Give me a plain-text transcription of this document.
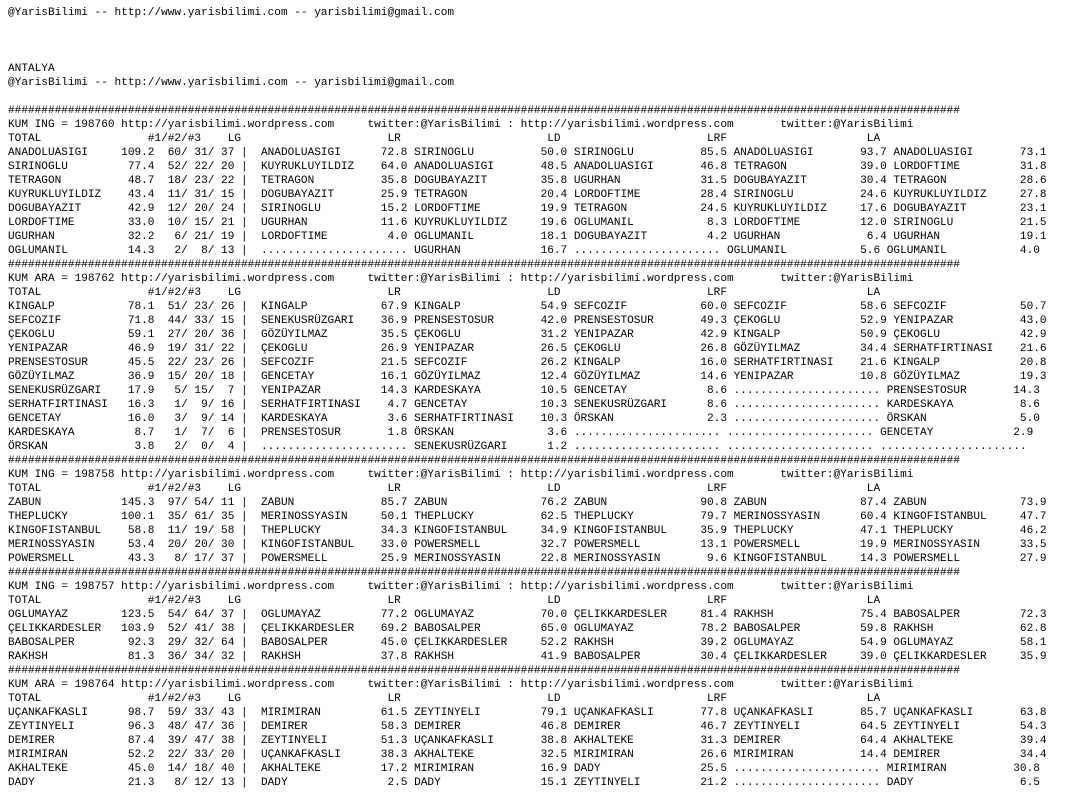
@YarisBilimi -- http://www.yarisbilimi.com -- yarisbilimi@gmail.com

ANTALYA
@YarisBilimi -- http://www.yarisbilimi.com -- yarisbilimi@gmail.com

###############################################################################################################################################
KUM ING = 198760 http://yarisbilimi.wordpress.com     twitter:@YarisBilimi : http://yarisbilimi.wordpress.com       twitter:@YarisBilimi
TOTAL                #1/#2/#3    LG                      LR                      LD                      LRF                     LA
ANADOLUASIGI     109.2  60/ 31/ 37 |  ANADOLUASIGI      72.8 SIRINOGLU          50.0 SIRINOGLU          85.5 ANADOLUASIGI       93.7 ANADOLUASIGI       73.1
SIRINOGLU         77.4  52/ 22/ 20 |  KUYRUKLUYILDIZ    64.0 ANADOLUASIGI       48.5 ANADOLUASIGI       46.8 TETRAGON           39.0 LORDOFTIME         31.8
TETRAGON          48.7  18/ 23/ 22 |  TETRAGON          35.8 DOGUBAYAZIT        35.8 UGURHAN            31.5 DOGUBAYAZIT        30.4 TETRAGON           28.6
KUYRUKLUYILDIZ    43.4  11/ 31/ 15 |  DOGUBAYAZIT       25.9 TETRAGON           20.4 LORDOFTIME         28.4 SIRINOGLU          24.6 KUYRUKLUYILDIZ     27.8
DOGUBAYAZIT       42.9  12/ 20/ 24 |  SIRINOGLU         15.2 LORDOFTIME         19.9 TETRAGON           24.5 KUYRUKLUYILDIZ     17.6 DOGUBAYAZIT        23.1
LORDOFTIME        33.0  10/ 15/ 21 |  UGURHAN           11.6 KUYRUKLUYILDIZ     19.6 OGLUMANIL           8.3 LORDOFTIME         12.0 SIRINOGLU          21.5
UGURHAN           32.2   6/ 21/ 19 |  LORDOFTIME         4.0 OGLUMANIL          18.1 DOGUBAYAZIT         4.2 UGURHAN             6.4 UGURHAN            19.1
OGLUMANIL         14.3   2/  8/ 13 |  ...................... UGURHAN            16.7 ...................... OGLUMANIL           5.6 OGLUMANIL           4.0
###############################################################################################################################################
KUM ARA = 198762 http://yarisbilimi.wordpress.com     twitter:@YarisBilimi : http://yarisbilimi.wordpress.com       twitter:@YarisBilimi
TOTAL                #1/#2/#3    LG                      LR                      LD                      LRF                     LA
KINGALP           78.1  51/ 23/ 26 |  KINGALP           67.9 KINGALP            54.9 SEFCOZIF           60.0 SEFCOZIF           58.6 SEFCOZIF           50.7
SEFCOZIF          71.8  44/ 33/ 15 |  SENEKUSRÜZGARI    36.9 PRENSESTOSUR       42.0 PRENSESTOSUR       49.3 ÇEKOGLU            52.9 YENIPAZAR          43.0
ÇEKOGLU           59.1  27/ 20/ 36 |  GÖZÜYILMAZ        35.5 ÇEKOGLU            31.2 YENIPAZAR          42.9 KINGALP            50.9 ÇEKOGLU            42.9
YENIPAZAR         46.9  19/ 31/ 22 |  ÇEKOGLU           26.9 YENIPAZAR          26.5 ÇEKOGLU            26.8 GÖZÜYILMAZ         34.4 SERHATFIRTINASI    21.6
PRENSESTOSUR      45.5  22/ 23/ 26 |  SEFCOZIF          21.5 SEFCOZIF           26.2 KINGALP            16.0 SERHATFIRTINASI    21.6 KINGALP            20.8
GÖZÜYILMAZ        36.9  15/ 20/ 18 |  GENCETAY          16.1 GÖZÜYILMAZ         12.4 GÖZÜYILMAZ         14.6 YENIPAZAR          10.8 GÖZÜYILMAZ         19.3
SENEKUSRÜZGARI    17.9   5/ 15/  7 |  YENIPAZAR         14.3 KARDESKAYA         10.5 GENCETAY            8.6 ...................... PRENSESTOSUR       14.3
SERHATFIRTINASI   16.3   1/  9/ 16 |  SERHATFIRTINASI    4.7 GENCETAY           10.3 SENEKUSRÜZGARI      8.6 ...................... KARDESKAYA          8.6
GENCETAY          16.0   3/  9/ 14 |  KARDESKAYA         3.6 SERHATFIRTINASI    10.3 ÖRSKAN              2.3 ...................... ÖRSKAN              5.0
KARDESKAYA         8.7   1/  7/  6 |  PRENSESTOSUR       1.8 ÖRSKAN              3.6 ...................... ...................... GENCETAY            2.9
ÖRSKAN             3.8   2/  0/  4 |  ...................... SENEKUSRÜZGARI      1.2 ...................... ...................... ......................
###############################################################################################################################################
KUM ING = 198758 http://yarisbilimi.wordpress.com     twitter:@YarisBilimi : http://yarisbilimi.wordpress.com       twitter:@YarisBilimi
TOTAL                #1/#2/#3    LG                      LR                      LD                      LRF                     LA
ZABUN            145.3  97/ 54/ 11 |  ZABUN             85.7 ZABUN              76.2 ZABUN              90.8 ZABUN              87.4 ZABUN              73.9
THEPLUCKY        100.1  35/ 61/ 35 |  MERINOSSYASIN     50.1 THEPLUCKY          62.5 THEPLUCKY          79.7 MERINOSSYASIN      60.4 KINGOFISTANBUL     47.7
KINGOFISTANBUL    58.8  11/ 19/ 58 |  THEPLUCKY         34.3 KINGOFISTANBUL     34.9 KINGOFISTANBUL     35.9 THEPLUCKY          47.1 THEPLUCKY          46.2
MERINOSSYASIN     53.4  20/ 20/ 30 |  KINGOFISTANBUL    33.0 POWERSMELL         32.7 POWERSMELL         13.1 POWERSMELL         19.9 MERINOSSYASIN      33.5
POWERSMELL        43.3   8/ 17/ 37 |  POWERSMELL        25.9 MERINOSSYASIN      22.8 MERINOSSYASIN       9.6 KINGOFISTANBUL     14.3 POWERSMELL         27.9
###############################################################################################################################################
KUM ING = 198757 http://yarisbilimi.wordpress.com     twitter:@YarisBilimi : http://yarisbilimi.wordpress.com       twitter:@YarisBilimi
TOTAL                #1/#2/#3    LG                      LR                      LD                      LRF                     LA
OGLUMAYAZ        123.5  54/ 64/ 37 |  OGLUMAYAZ         77.2 OGLUMAYAZ          70.0 ÇELIKKARDESLER     81.4 RAKHSH             75.4 BABOSALPER         72.3
ÇELIKKARDESLER   103.9  52/ 41/ 38 |  ÇELIKKARDESLER    69.2 BABOSALPER         65.0 OGLUMAYAZ          78.2 BABOSALPER         59.8 RAKHSH             62.8
BABOSALPER        92.3  29/ 32/ 64 |  BABOSALPER        45.0 ÇELIKKARDESLER     52.2 RAKHSH             39.2 OGLUMAYAZ          54.9 OGLUMAYAZ          58.1
RAKHSH            81.3  36/ 34/ 32 |  RAKHSH            37.8 RAKHSH             41.9 BABOSALPER         30.4 ÇELIKKARDESLER     39.0 ÇELIKKARDESLER     35.9
###############################################################################################################################################
KUM ARA = 198764 http://yarisbilimi.wordpress.com     twitter:@YarisBilimi : http://yarisbilimi.wordpress.com       twitter:@YarisBilimi
TOTAL                #1/#2/#3    LG                      LR                      LD                      LRF                     LA
UÇANKAFKASLI      98.7  59/ 33/ 43 |  MIRIMIRAN         61.5 ZEYTINYELI         79.1 UÇANKAFKASLI       77.8 UÇANKAFKASLI       85.7 UÇANKAFKASLI       63.8
ZEYTINYELI        96.3  48/ 47/ 36 |  DEMIRER           58.3 DEMIRER            46.8 DEMIRER            46.7 ZEYTINYELI         64.5 ZEYTINYELI         54.3
DEMIRER           87.4  39/ 47/ 38 |  ZEYTINYELI        51.3 UÇANKAFKASLI       38.8 AKHALTEKE          31.3 DEMIRER            64.4 AKHALTEKE          39.4
MIRIMIRAN         52.2  22/ 33/ 20 |  UÇANKAFKASLI      38.3 AKHALTEKE          32.5 MIRIMIRAN          26.6 MIRIMIRAN          14.4 DEMIRER            34.4
AKHALTEKE         45.0  14/ 18/ 40 |  AKHALTEKE         17.2 MIRIMIRAN          16.9 DADY               25.5 ...................... MIRIMIRAN          30.8
DADY              21.3   8/ 12/ 13 |  DADY               2.5 DADY               15.1 ZEYTINYELI         21.2 ...................... DADY                6.5
